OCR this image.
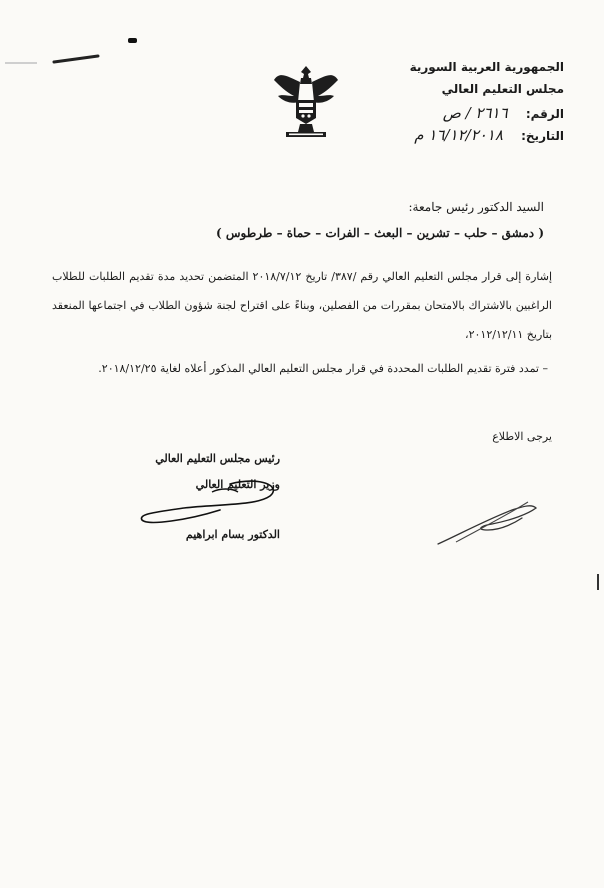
الجمهورية العربية السورية
مجلس التعليم العالي
الرقم: ٢٦١٦ / ص
التاريخ: ١٦/١٢/٢٠١٨ م
السيد الدكتور رئيس جامعة:
( دمشق – حلب – تشرين – البعث – الفرات – حماة – طرطوس )
إشارة إلى قرار مجلس التعليم العالي رقم /٣٨٧/ تاريخ ٢٠١٨/٧/١٢ المتضمن تحديد مدة تقديم الطلبات للطلاب الراغبين بالاشتراك بالامتحان بمقررات من الفصلين، وبناءً على اقتراح لجنة شؤون الطلاب في اجتماعها المنعقد بتاريخ ٢٠١٢/١٢/١١،
– تمدد فترة تقديم الطلبات المحددة في قرار مجلس التعليم العالي المذكور أعلاه لغاية ٢٠١٨/١٢/٢٥.
يرجى الاطلاع
رئيس مجلس التعليم العالي
وزير التعليم العالي
الدكتور بسام ابراهيم
